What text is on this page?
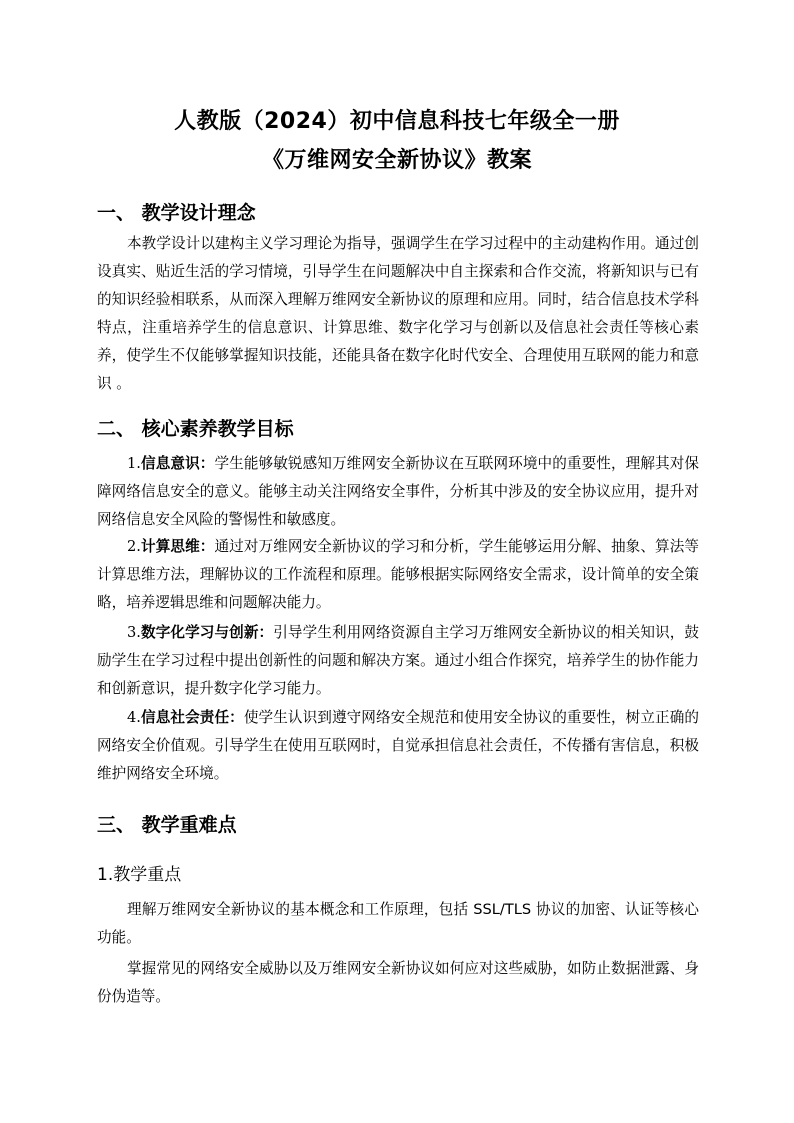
人教版（2024）初中信息科技七年级全一册
《万维网安全新协议》教案
一、 教学设计理念
本教学设计以建构主义学习理论为指导，强调学生在学习过程中的主动建构作用。通过创设真实、贴近生活的学习情境，引导学生在问题解决中自主探索和合作交流，将新知识与已有的知识经验相联系，从而深入理解万维网安全新协议的原理和应用。同时，结合信息技术学科特点，注重培养学生的信息意识、计算思维、数字化学习与创新以及信息社会责任等核心素养，使学生不仅能够掌握知识技能，还能具备在数字化时代安全、合理使用互联网的能力和意识 。
二、 核心素养教学目标
1.信息意识：学生能够敏锐感知万维网安全新协议在互联网环境中的重要性，理解其对保障网络信息安全的意义。能够主动关注网络安全事件，分析其中涉及的安全协议应用，提升对网络信息安全风险的警惕性和敏感度。
2.计算思维：通过对万维网安全新协议的学习和分析，学生能够运用分解、抽象、算法等计算思维方法，理解协议的工作流程和原理。能够根据实际网络安全需求，设计简单的安全策略，培养逻辑思维和问题解决能力。
3.数字化学习与创新：引导学生利用网络资源自主学习万维网安全新协议的相关知识，鼓励学生在学习过程中提出创新性的问题和解决方案。通过小组合作探究，培养学生的协作能力和创新意识，提升数字化学习能力。
4.信息社会责任：使学生认识到遵守网络安全规范和使用安全协议的重要性，树立正确的网络安全价值观。引导学生在使用互联网时，自觉承担信息社会责任，不传播有害信息，积极维护网络安全环境。
三、 教学重难点
1.教学重点
理解万维网安全新协议的基本概念和工作原理，包括 SSL/TLS 协议的加密、认证等核心功能。
掌握常见的网络安全威胁以及万维网安全新协议如何应对这些威胁，如防止数据泄露、身份伪造等。
